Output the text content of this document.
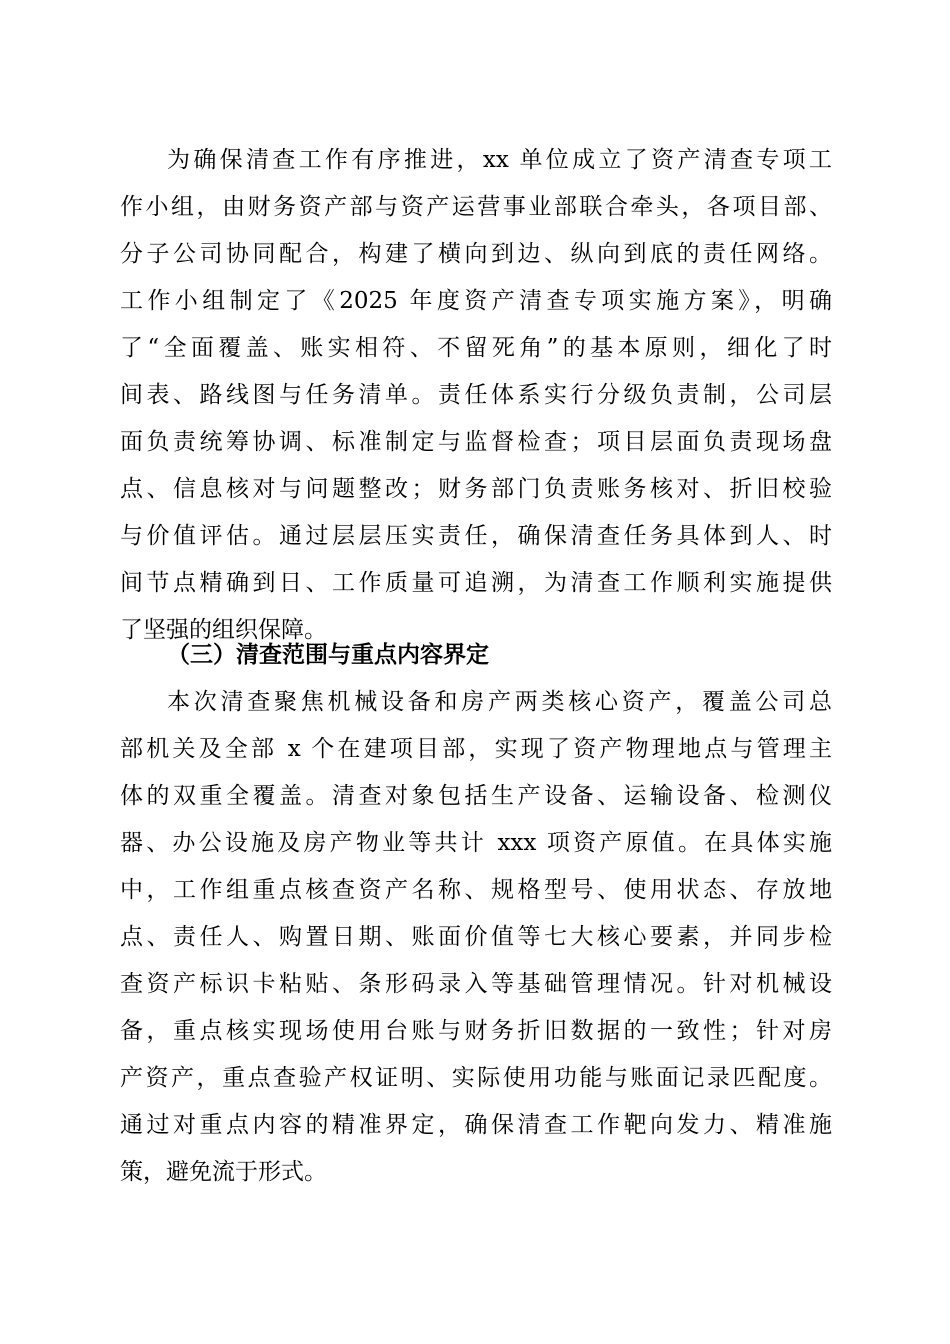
为确保清查工作有序推进，xx 单位成立了资产清查专项工
作小组，由财务资产部与资产运营事业部联合牵头，各项目部、
分子公司协同配合，构建了横向到边、纵向到底的责任网络。
工作小组制定了《2025 年度资产清查专项实施方案》，明确
了“全面覆盖、账实相符、不留死角”的基本原则，细化了时
间表、路线图与任务清单。责任体系实行分级负责制，公司层
面负责统筹协调、标准制定与监督检查；项目层面负责现场盘
点、信息核对与问题整改；财务部门负责账务核对、折旧校验
与价值评估。通过层层压实责任，确保清查任务具体到人、时
间节点精确到日、工作质量可追溯，为清查工作顺利实施提供
了坚强的组织保障。
（三）清查范围与重点内容界定
本次清查聚焦机械设备和房产两类核心资产，覆盖公司总
部机关及全部 x 个在建项目部，实现了资产物理地点与管理主
体的双重全覆盖。清查对象包括生产设备、运输设备、检测仪
器、办公设施及房产物业等共计 xxx 项资产原值。在具体实施
中，工作组重点核查资产名称、规格型号、使用状态、存放地
点、责任人、购置日期、账面价值等七大核心要素，并同步检
查资产标识卡粘贴、条形码录入等基础管理情况。针对机械设
备，重点核实现场使用台账与财务折旧数据的一致性；针对房
产资产，重点查验产权证明、实际使用功能与账面记录匹配度。
通过对重点内容的精准界定，确保清查工作靶向发力、精准施
策，避免流于形式。
